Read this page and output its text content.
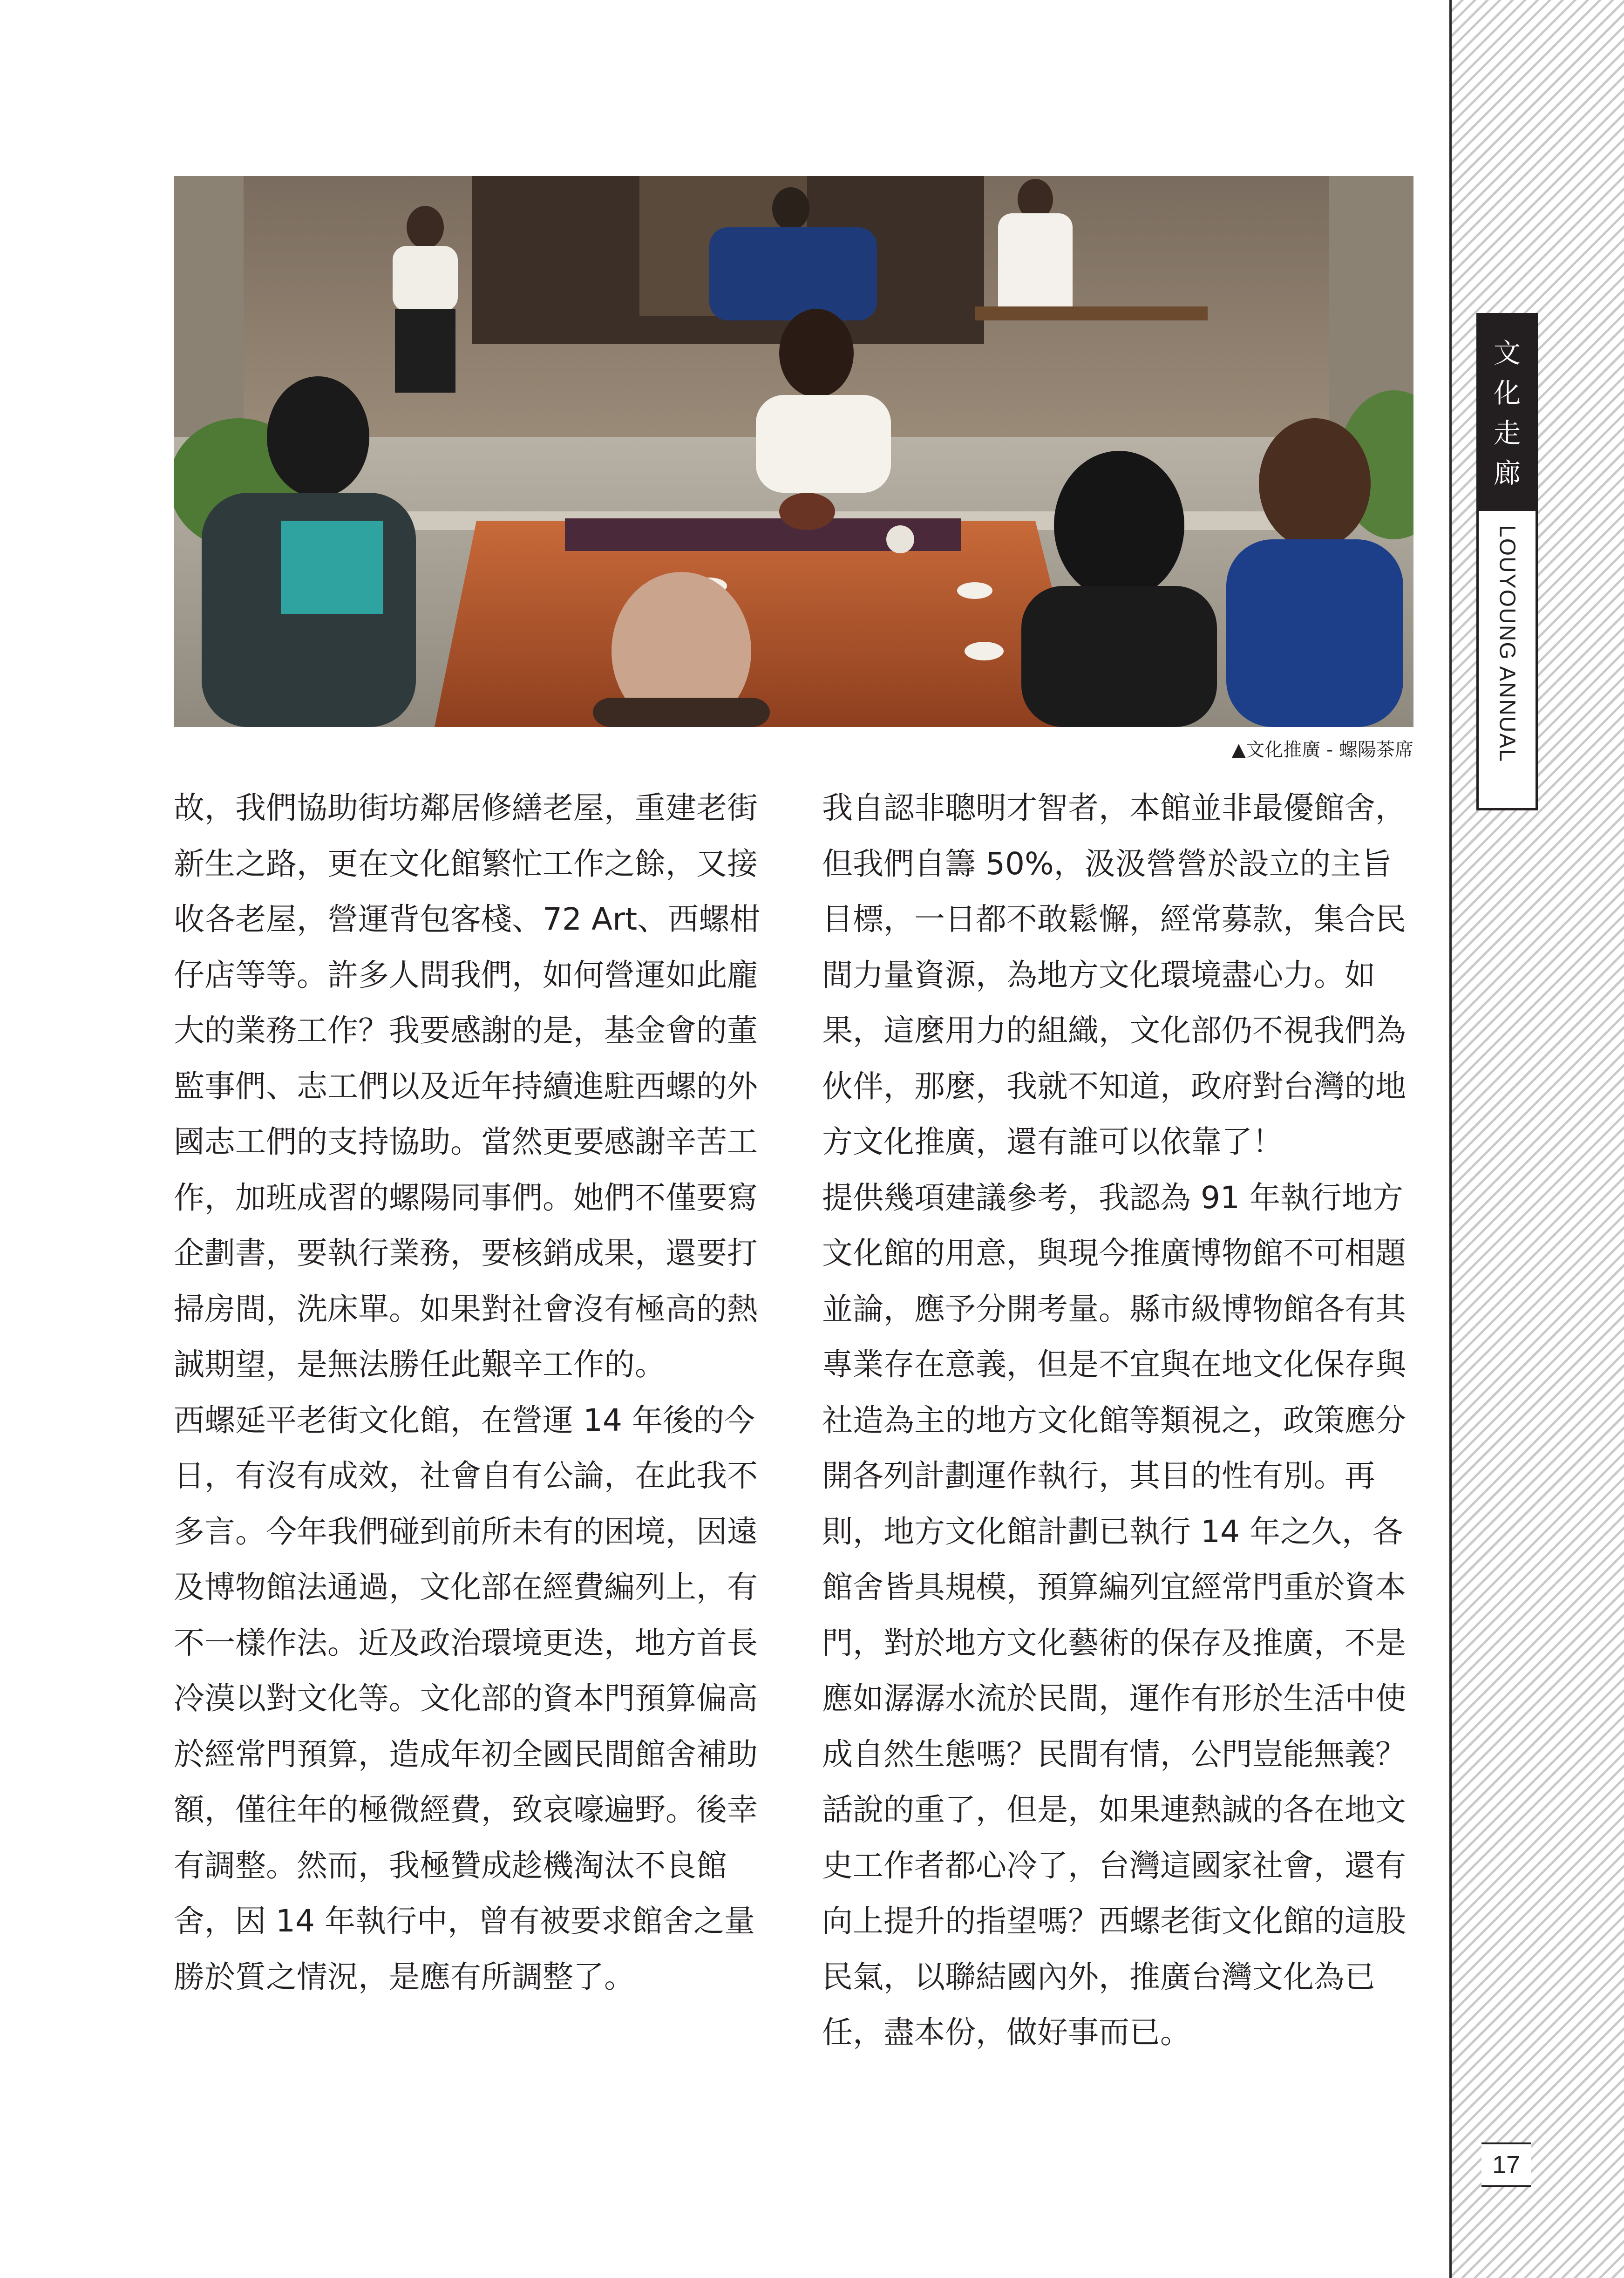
文
化
走
廊
LOUYOUNG ANNUAL
17
▲文化推廣 - 螺陽茶席

故，我們協助街坊鄰居修繕老屋，重建老街新生之路，更在文化館繁忙工作之餘，又接收各老屋，營運背包客棧、72 Art、西螺柑仔店等等。許多人問我們，如何營運如此龐大的業務工作？我要感謝的是，基金會的董監事們、志工們以及近年持續進駐西螺的外國志工們的支持協助。當然更要感謝辛苦工作，加班成習的螺陽同事們。她們不僅要寫企劃書，要執行業務，要核銷成果，還要打掃房間，洗床單。如果對社會沒有極高的熱誠期望，是無法勝任此艱辛工作的。

西螺延平老街文化館，在營運 14 年後的今日，有沒有成效，社會自有公論，在此我不多言。今年我們碰到前所未有的困境，因遠及博物館法通過，文化部在經費編列上，有不一樣作法。近及政治環境更迭，地方首長冷漠以對文化等。文化部的資本門預算偏高於經常門預算，造成年初全國民間館舍補助額，僅往年的極微經費，致哀嚎遍野。後幸有調整。然而，我極贊成趁機淘汰不良館舍，因 14 年執行中，曾有被要求館舍之量勝於質之情況，是應有所調整了。

我自認非聰明才智者，本館並非最優館舍，但我們自籌 50%，汲汲營營於設立的主旨目標，一日都不敢鬆懈，經常募款，集合民間力量資源，為地方文化環境盡心力。如果，這麼用力的組織，文化部仍不視我們為伙伴，那麼，我就不知道，政府對台灣的地方文化推廣，還有誰可以依靠了！

提供幾項建議參考，我認為 91 年執行地方文化館的用意，與現今推廣博物館不可相題並論，應予分開考量。縣市級博物館各有其專業存在意義，但是不宜與在地文化保存與社造為主的地方文化館等類視之，政策應分開各列計劃運作執行，其目的性有別。再則，地方文化館計劃已執行 14 年之久，各館舍皆具規模，預算編列宜經常門重於資本門，對於地方文化藝術的保存及推廣，不是應如潺潺水流於民間，運作有形於生活中使成自然生態嗎？民間有情，公門豈能無義？話說的重了，但是，如果連熱誠的各在地文史工作者都心冷了，台灣這國家社會，還有向上提升的指望嗎？西螺老街文化館的這股民氣，以聯結國內外，推廣台灣文化為已任，盡本份，做好事而已。
